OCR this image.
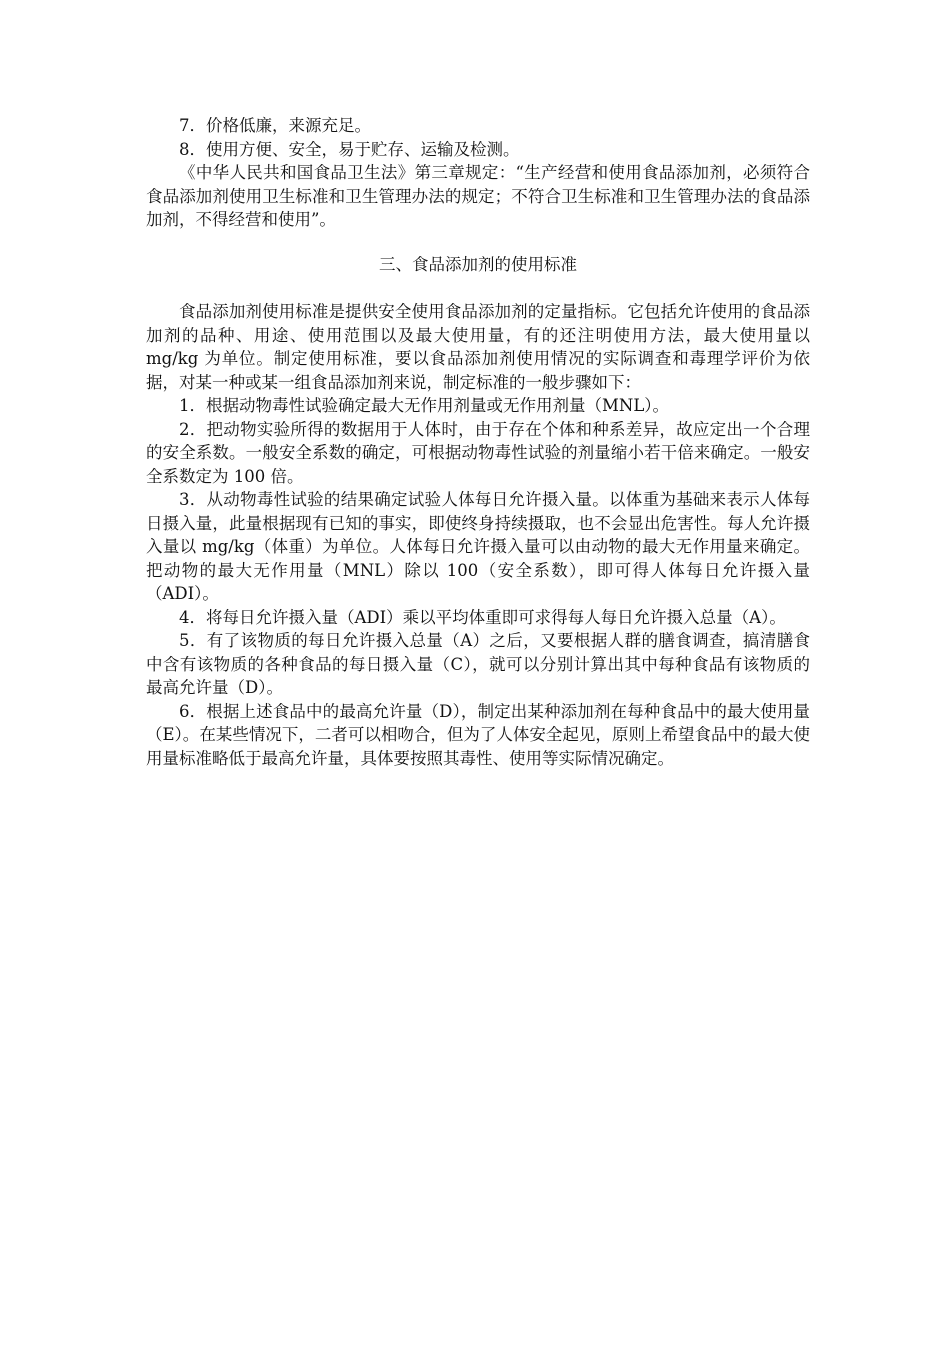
7．价格低廉，来源充足。

8．使用方便、安全，易于贮存、运输及检测。

《中华人民共和国食品卫生法》第三章规定：“生产经营和使用食品添加剂，必须符合食品添加剂使用卫生标准和卫生管理办法的规定；不符合卫生标准和卫生管理办法的食品添加剂，不得经营和使用”。

三、食品添加剂的使用标准

食品添加剂使用标准是提供安全使用食品添加剂的定量指标。它包括允许使用的食品添加剂的品种、用途、使用范围以及最大使用量，有的还注明使用方法，最大使用量以 mg/kg 为单位。制定使用标准，要以食品添加剂使用情况的实际调查和毒理学评价为依据，对某一种或某一组食品添加剂来说，制定标准的一般步骤如下：

1．根据动物毒性试验确定最大无作用剂量或无作用剂量（MNL）。

2．把动物实验所得的数据用于人体时，由于存在个体和种系差异，故应定出一个合理的安全系数。一般安全系数的确定，可根据动物毒性试验的剂量缩小若干倍来确定。一般安全系数定为 100 倍。

3．从动物毒性试验的结果确定试验人体每日允许摄入量。以体重为基础来表示人体每日摄入量，此量根据现有已知的事实，即使终身持续摄取，也不会显出危害性。每人允许摄入量以 mg/kg（体重）为单位。人体每日允许摄入量可以由动物的最大无作用量来确定。把动物的最大无作用量（MNL）除以 100（安全系数），即可得人体每日允许摄入量（ADI）。

4．将每日允许摄入量（ADI）乘以平均体重即可求得每人每日允许摄入总量（A）。

5．有了该物质的每日允许摄入总量（A）之后，又要根据人群的膳食调查，搞清膳食中含有该物质的各种食品的每日摄入量（C），就可以分别计算出其中每种食品有该物质的最高允许量（D）。

6．根据上述食品中的最高允许量（D），制定出某种添加剂在每种食品中的最大使用量（E）。在某些情况下，二者可以相吻合，但为了人体安全起见，原则上希望食品中的最大使用量标准略低于最高允许量，具体要按照其毒性、使用等实际情况确定。
